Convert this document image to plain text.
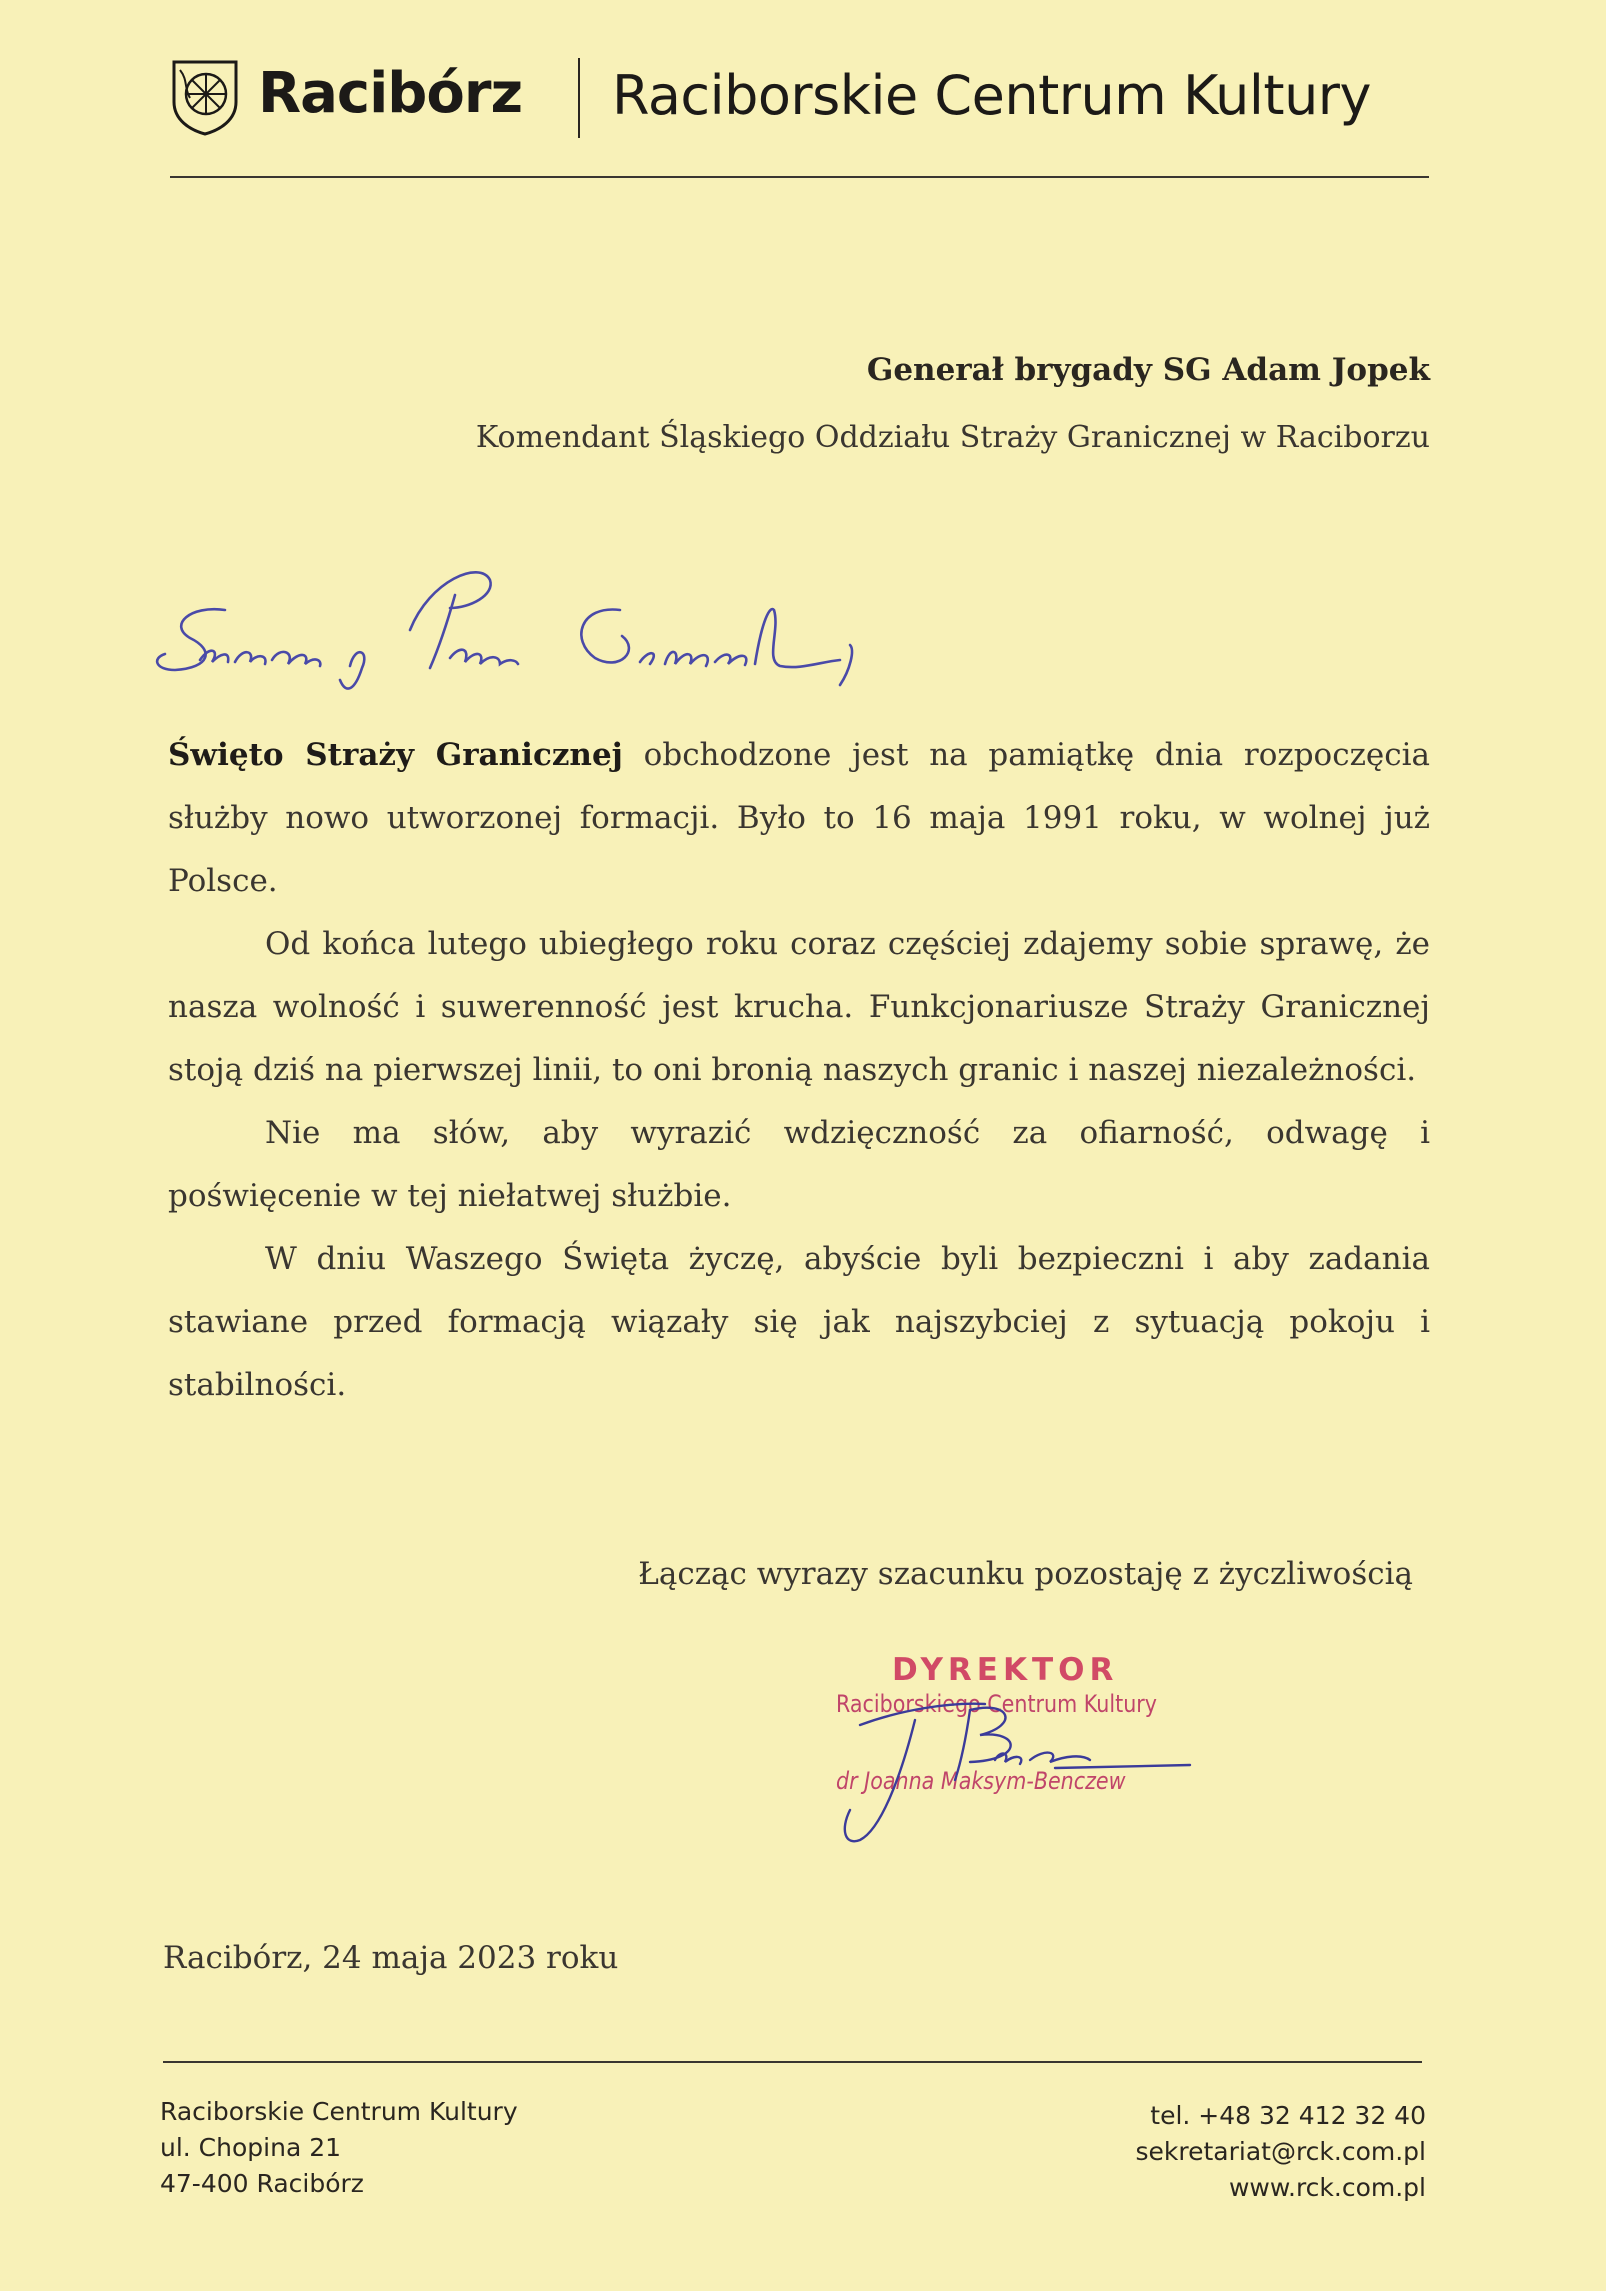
Racibórz Raciborskie Centrum Kultury
Generał brygady SG Adam Jopek
Komendant Śląskiego Oddziału Straży Granicznej w Raciborzu

Święto Straży Granicznej obchodzone jest na pamiątkę dnia rozpoczęcia służby nowo utworzonej formacji. Było to 16 maja 1991 roku, w wolnej już Polsce.

Od końca lutego ubiegłego roku coraz częściej zdajemy sobie sprawę, że nasza wolność i suwerenność jest krucha. Funkcjonariusze Straży Granicznej stoją dziś na pierwszej linii, to oni bronią naszych granic i naszej niezależności.

Nie ma słów, aby wyrazić wdzięczność za ofiarność, odwagę i poświęcenie w tej niełatwej służbie.

W dniu Waszego Święta życzę, abyście byli bezpieczni i aby zadania stawiane przed formacją wiązały się jak najszybciej z sytuacją pokoju i stabilności.

Łącząc wyrazy szacunku pozostaję z życzliwością
DYREKTOR
Raciborskiego Centrum Kultury
dr Joanna Maksym-Benczew
Racibórz, 24 maja 2023 roku
Raciborskie Centrum Kultury
ul. Chopina 21
47-400 Racibórz
tel. +48 32 412 32 40
sekretariat@rck.com.pl
www.rck.com.pl
